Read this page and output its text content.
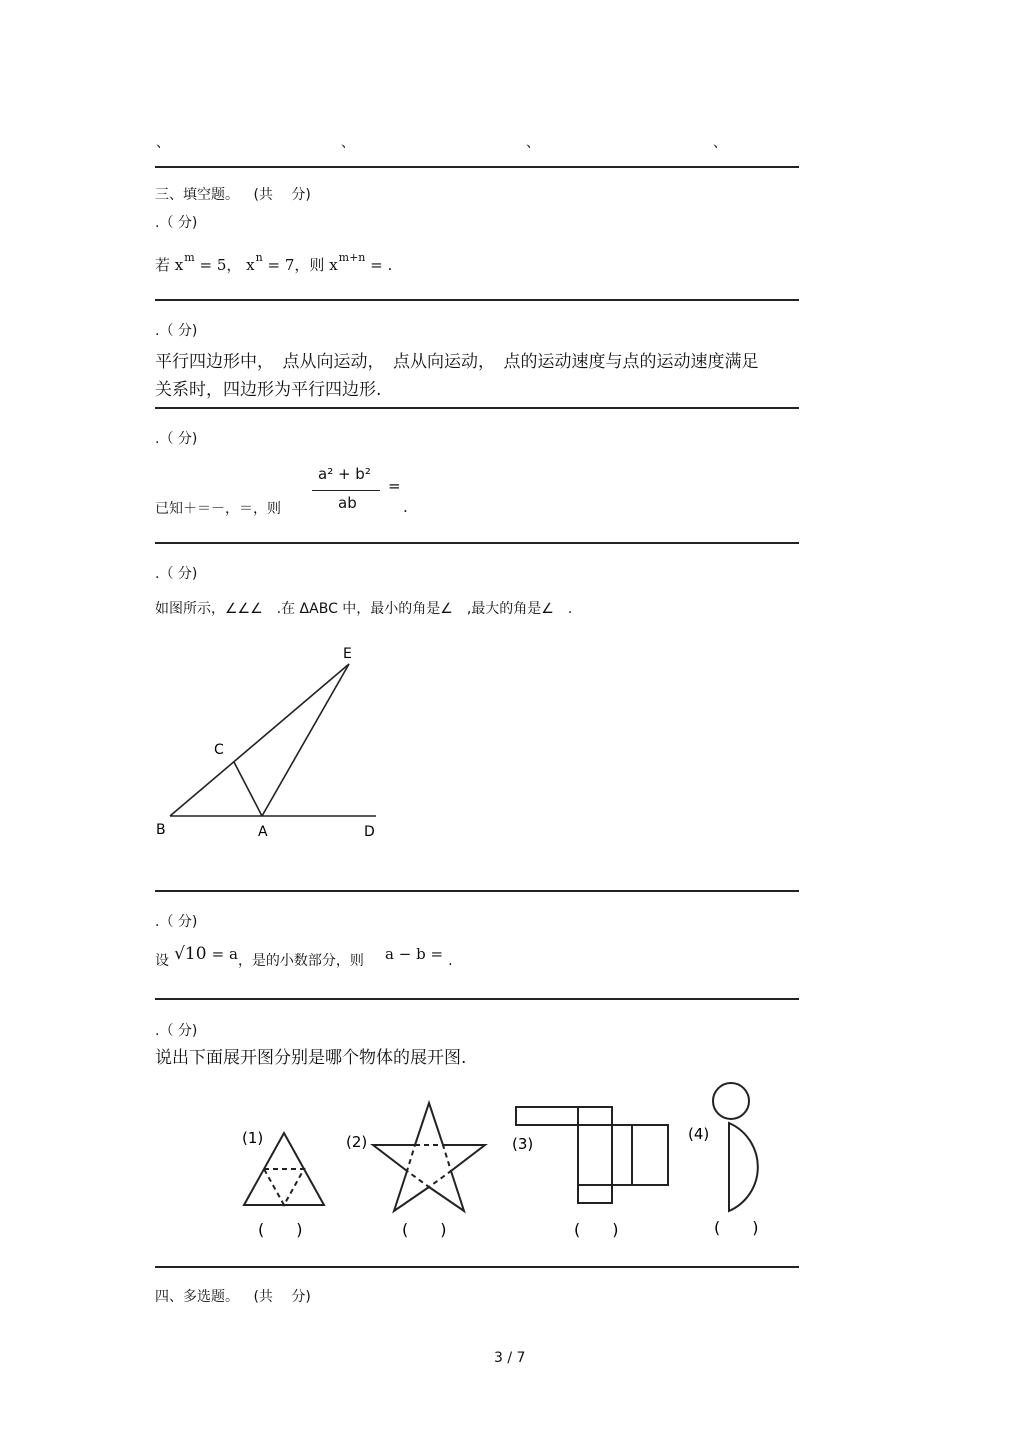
、	、	、	、
三、填空题。 (共　 分)
.（ 分)
若 $x^m = 5$， $x^n = 7$，则 $x^{m+n}$ = .
.（ 分)
平行四边形中，　点从向运动，　点从向运动，　点的运动速度与点的运动速度满足
关系时，四边形为平行四边形.
.（ 分)
已知＋＝－，＝，则
a² + b²
ab
=
.
.（ 分)
如图所示，∠∠∠　.在 ΔABC 中，最小的角是∠　,最大的角是∠　.
E
C
B	A	D
.（ 分)
设 √10 = a，是的小数部分，则 a − b = .
.（ 分)
说出下面展开图分别是哪个物体的展开图.
(1)	(2)	(3)
(4)
(　　)	(　　)	(　　)	(　　)
四、多选题。 (共　 分)
3 / 7
